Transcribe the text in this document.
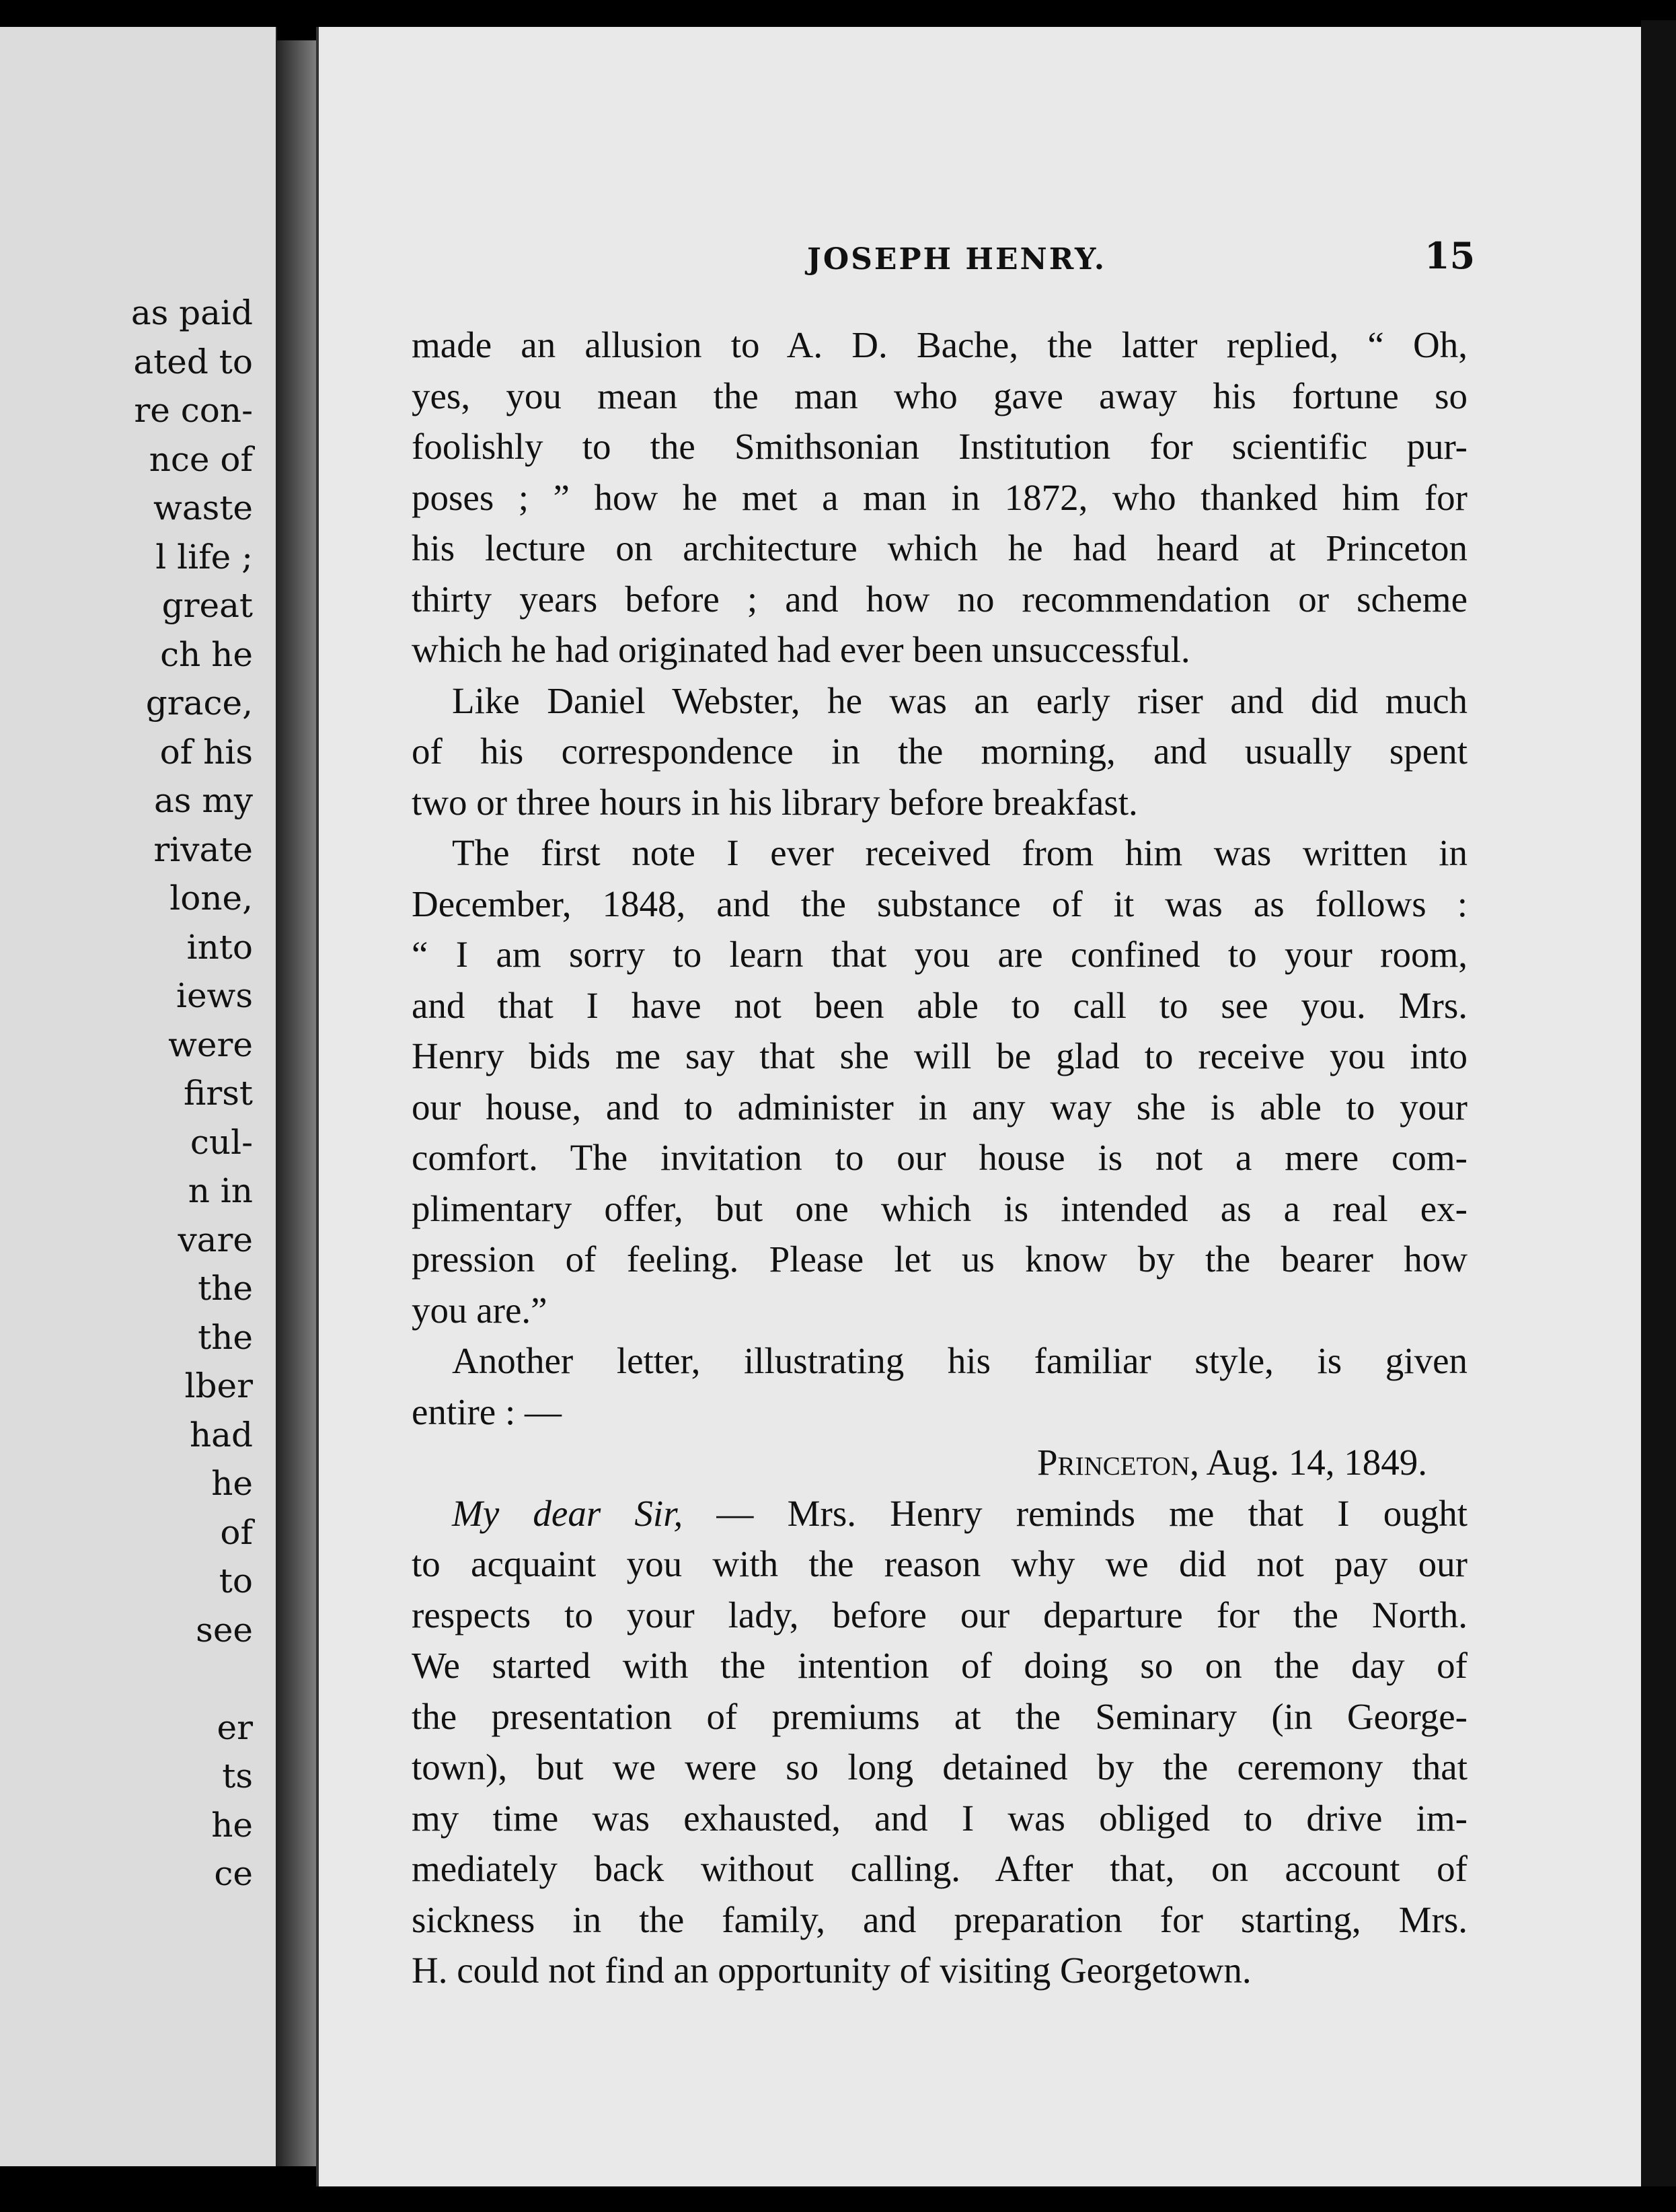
as paid
ated to
re con-
nce of
waste
l life ;
great
ch he
grace,
of his
as my
rivate
lone,
into
iews
were
first
cul-
n in
vare
the
the
lber
had
he
of
to
see
er
ts
he
ce
JOSEPH HENRY.	15

made an allusion to A. D. Bache, the latter replied, “ Oh,
yes, you mean the man who gave away his fortune so
foolishly to the Smithsonian Institution for scientific pur-
poses ; ” how he met a man in 1872, who thanked him for
his lecture on architecture which he had heard at Princeton
thirty years before ; and how no recommendation or scheme
which he had originated had ever been unsuccessful.

Like Daniel Webster, he was an early riser and did much
of his correspondence in the morning, and usually spent
two or three hours in his library before breakfast.

The first note I ever received from him was written in
December, 1848, and the substance of it was as follows :
“ I am sorry to learn that you are confined to your room,
and that I have not been able to call to see you. Mrs.
Henry bids me say that she will be glad to receive you into
our house, and to administer in any way she is able to your
comfort. The invitation to our house is not a mere com-
plimentary offer, but one which is intended as a real ex-
pression of feeling. Please let us know by the bearer how
you are.”

Another letter, illustrating his familiar style, is given
entire : —

Princeton, Aug. 14, 1849.

My dear Sir, — Mrs. Henry reminds me that I ought
to acquaint you with the reason why we did not pay our
respects to your lady, before our departure for the North.
We started with the intention of doing so on the day of
the presentation of premiums at the Seminary (in George-
town), but we were so long detained by the ceremony that
my time was exhausted, and I was obliged to drive im-
mediately back without calling. After that, on account of
sickness in the family, and preparation for starting, Mrs.
H. could not find an opportunity of visiting Georgetown.
